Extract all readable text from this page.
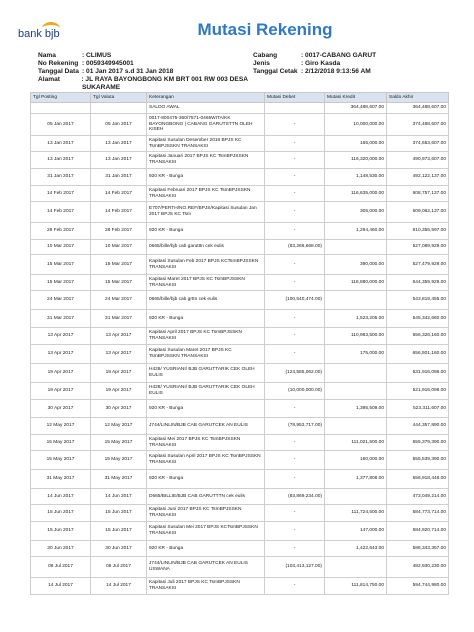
bank bjb	Mutasi Rekening
Nama	: CLIMUS
No Rekening : 0059349945001
Tanggal Data : 01 Jan 2017 s.d 31 Jan 2018
Alamat	: JL RAYA BAYONGBONG KM BRT 001 RW 003 DESA
SUKARAME
Cabang	: 0017-CABANG GARUT
Jenis	: Giro Kasda
Tanggal Cetak : 2/12/2018 9:13:56 AM
Tgl Posting	Tgl Valuta	Keterangan	Mutasi Debet	Mutasi Kredit	Saldo Akhir
		SALDO AWAL		364,488,607.00	364,488,607.00
05 Jan 2017	05 Jan 2017	0017-800475-360/7571-0465WITA/KK BAYONGBONG | CABANG GARUTSTTN OLEH KISEH	-	10,000,000.00	374,488,607.00
13 Jan 2017	13 Jan 2017	Kapitasi Susulan Desember 2016 BPJS KC TsmBPJSSKN TRANSAKSI	-	165,000.00	374,653,607.00
13 Jan 2017	13 Jan 2017	Kapitasi Januari 2017 BPJS KC TsmBPJSSKN TRANSAKSI	-	116,320,000.00	490,973,607.00
31 Jan 2017	31 Jan 2017	920 KR - Bunga	-	1,148,530.00	492,122,137.00
14 Feb 2017	14 Feb 2017	Kapitasi Februari 2017 BPJS KC TsmBPJSSKN TRANSAKSI	-	116,635,000.00	608,757,137.00
14 Feb 2017	14 Feb 2017	E707/PERTH/NO.REF/BPJS/Kapitasi Susulan Jan 2017 BPJS KC Tsm	-	305,000.00	609,062,137.00
28 Feb 2017	28 Feb 2017	920 KR - Bunga	-	1,294,460.00	610,356,597.00
10 Mar 2017	10 Mar 2017	0665/bille/bjb cab garutttn cek eulis	(83,266,668.00)		527,089,929.00
15 Mar 2017	15 Mar 2017	Kapitasi Susulan Feb 2017 BPJS KCTsmBPJSSKN TRANSAKSI	-	390,000.00	527,479,929.00
15 Mar 2017	15 Mar 2017	Kapitasi Maret 2017 BPJS KC TsmBPJSSKN TRANSAKSI	-	116,880,000.00	644,359,929.00
24 Mar 2017	24 Mar 2017	0665/bille/bjb cab grttn cek eulis	(100,540,474.00)		543,819,455.00
31 Mar 2017	31 Mar 2017	920 KR - Bunga	-	1,523,205.00	545,342,660.00
13 Apr 2017	13 Apr 2017	Kapitasi April 2017 BPJS KC TsmBPJSSKN TRANSAKSI	-	110,983,500.00	656,326,160.00
13 Apr 2017	13 Apr 2017	Kapitasi Susulan Maret 2017 BPJS KC TsmBPJSSKN TRANSAKSI	-	175,000.00	656,501,160.00
19 Apr 2017	19 Apr 2017	H428/ YUSRIANI/ BJB GARUTTARIK CEK OLEH EULIS	(124,585,062.00)		531,916,098.00
19 Apr 2017	19 Apr 2017	H428/ YUSRIANI/ BJB GARUTTARIK CEK OLEH EULIS	(10,000,000.00)		521,916,098.00
30 Apr 2017	30 Apr 2017	920 KR - Bunga	-	1,395,509.00	523,311,607.00
12 May 2017	12 May 2017	J744/LINLIN/BJB CAB GARUTCEK AN EULIS	(78,953,717.00)		444,357,890.00
15 May 2017	15 May 2017	Kapitasi Mei 2017 BPJS KC TsmBPJSSKN TRANSAKSI	-	111,021,500.00	555,379,390.00
15 May 2017	15 May 2017	Kapitasi Susulan April 2017 BPJS KC TsmBPJSSKN TRANSAKSI	-	160,000.00	555,539,390.00
31 May 2017	31 May 2017	920 KR - Bunga	-	1,377,808.00	556,918,448.00
14 Jun 2017	14 Jun 2017	D665/BILLIE/BJB CAB GARUTTTN cek eulis	(83,869,234.00)		473,049,214.00
15 Jun 2017	15 Jun 2017	Kapitasi Juni 2017 BPJS KC TsmBPJSSKN TRANSAKSI	-	111,724,500.00	584,773,714.00
15 Jun 2017	15 Jun 2017	Kapitasi Susulan Mei 2017 BPJS KCTsmBPJSSKN TRANSAKSI	-	147,000.00	584,920,714.00
30 Jun 2017	30 Jun 2017	920 KR - Bunga	-	1,422,643.00	586,343,357.00
06 Jul 2017	06 Jul 2017	J744/LINLIN/BJB CAB GARUTCEK AN EULIS USWANA	(103,413,127.00)		482,930,230.00
14 Jul 2017	14 Jul 2017	Kapitasi Juli 2017 BPJS KC TsmBPJSSKN TRANSAKSI	-	111,814,750.00	594,744,980.00
